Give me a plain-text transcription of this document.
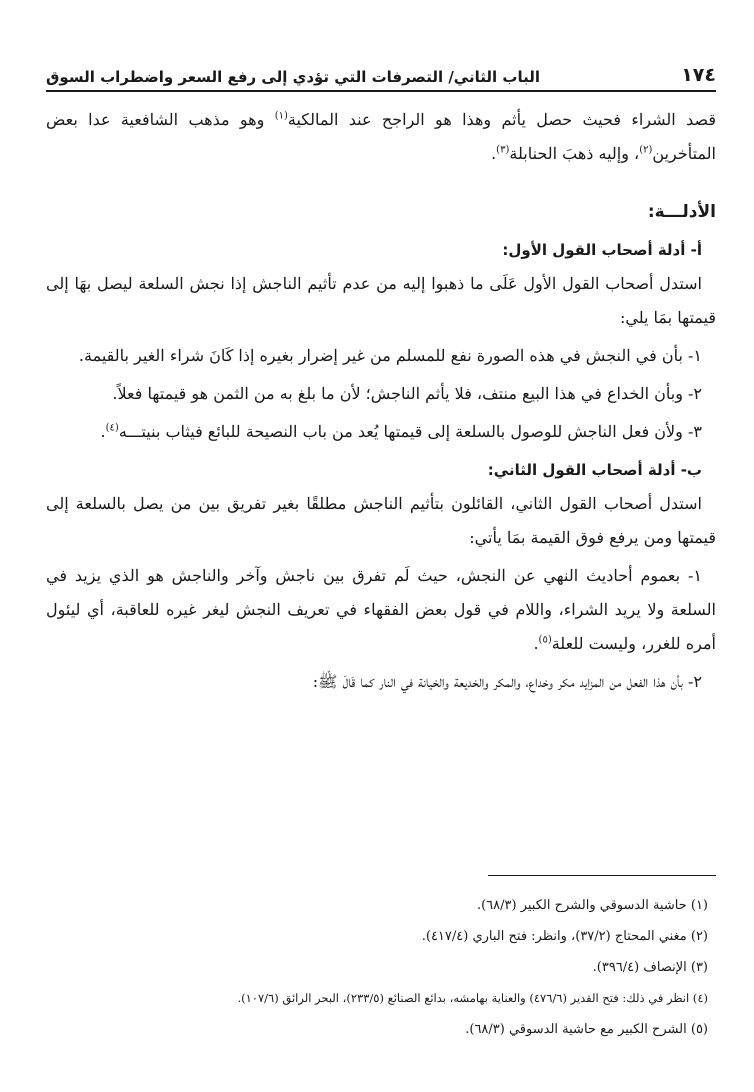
١٧٤
الباب الثاني/ التصرفات التي تؤدي إلى رفع السعر واضطراب السوق

قصد الشراء فحيث حصل يأثم وهذا هو الراجح عند المالكية$^{(١)}$ وهو مذهب الشافعية عدا بعض المتأخرين$^{(٢)}$، وإليه ذهبَ الحنابلة$^{(٣)}$.

الأدلـــة:

أ- أدلة أصحاب القول الأول:

استدل أصحاب القول الأول عَلَى ما ذهبوا إليه من عدم تأثيم الناجش إذا نجش السلعة ليصل بهَا إلى قيمتها بمَا يلي:

١- بأن في النجش في هذه الصورة نفع للمسلم من غير إضرار بغيره إذا كَانَ شراء الغير بالقيمة.

٢- وبأن الخداع في هذا البيع منتف، فلا يأثم الناجش؛ لأن ما بلغ به من الثمن هو قيمتها فعلاً.

٣- ولأن فعل الناجش للوصول بالسلعة إلى قيمتها يُعد من باب النصيحة للبائع فيثاب بنيتـــه$^{(٤)}$.

ب- أدلة أصحاب القول الثاني:

استدل أصحاب القول الثاني، القائلون بتأثيم الناجش مطلقًا بغير تفريق بين من يصل بالسلعة إلى قيمتها ومن يرفع فوق القيمة بمَا يأتي:

١- بعموم أحاديث النهي عن النجش، حيث لَم تفرق بين ناجش وآخر والناجش هو الذي يزيد في السلعة ولا يريد الشراء، واللام في قول بعض الفقهاء في تعريف النجش ليغر غيره للعاقبة، أي ليئول أمره للغرر، وليست للعلة$^{(٥)}$.

٢- بأن هذا الفعل من المزايد مكر وخداع، والمكر والخديعة والخيانة في النار كما قَالَ ﷺ:

(١) حاشية الدسوقي والشرح الكبير (٦٨/٣).

(٢) مغني المحتاج (٣٧/٢)، وانظر: فتح الباري (٤١٧/٤).

(٣) الإنصاف (٣٩٦/٤).

(٤) انظر في ذلك: فتح القدير (٤٧٦/٦) والعناية بهامشه، بدائع الصنائع (٢٣٣/٥)، البحر الرائق (١٠٧/٦).

(٥) الشرح الكبير مع حاشية الدسوقي (٦٨/٣).
